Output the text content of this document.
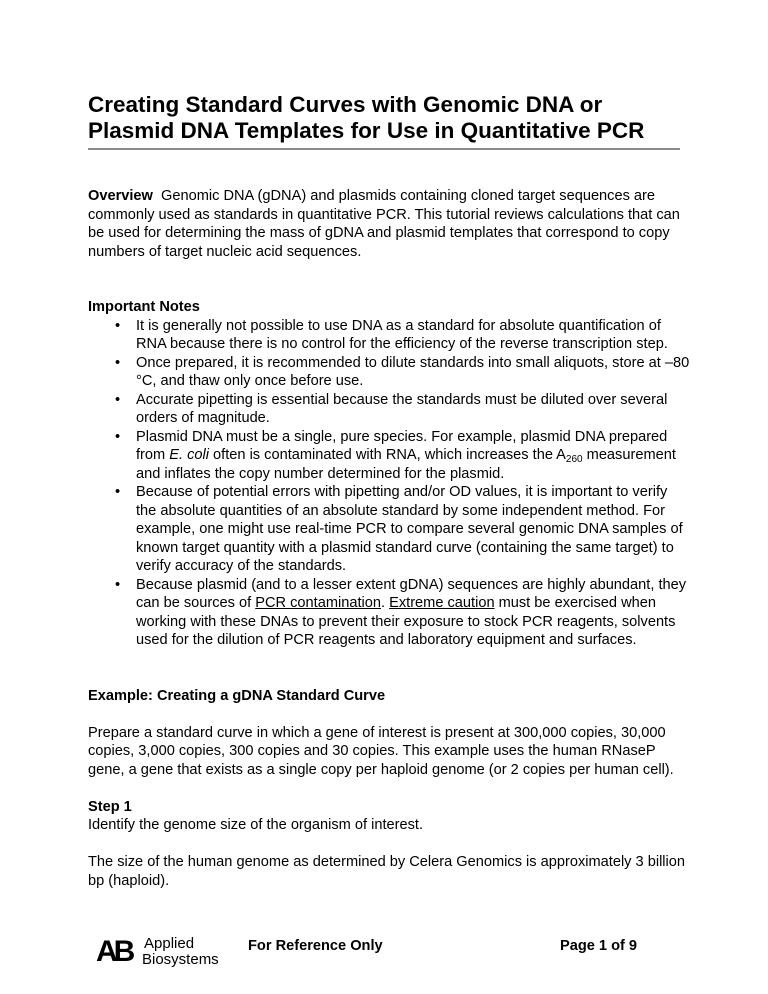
Creating Standard Curves with Genomic DNA or Plasmid DNA Templates for Use in Quantitative PCR

Overview Genomic DNA (gDNA) and plasmids containing cloned target sequences are commonly used as standards in quantitative PCR. This tutorial reviews calculations that can be used for determining the mass of gDNA and plasmid templates that correspond to copy numbers of target nucleic acid sequences.

Important Notes

• It is generally not possible to use DNA as a standard for absolute quantification of RNA because there is no control for the efficiency of the reverse transcription step.
• Once prepared, it is recommended to dilute standards into small aliquots, store at –80 °C, and thaw only once before use.
• Accurate pipetting is essential because the standards must be diluted over several orders of magnitude.
• Plasmid DNA must be a single, pure species. For example, plasmid DNA prepared from E. coli often is contaminated with RNA, which increases the $A_{260}$ measurement and inflates the copy number determined for the plasmid.
• Because of potential errors with pipetting and/or OD values, it is important to verify the absolute quantities of an absolute standard by some independent method. For example, one might use real-time PCR to compare several genomic DNA samples of known target quantity with a plasmid standard curve (containing the same target) to verify accuracy of the standards.
• Because plasmid (and to a lesser extent gDNA) sequences are highly abundant, they can be sources of PCR contamination. Extreme caution must be exercised when working with these DNAs to prevent their exposure to stock PCR reagents, solvents used for the dilution of PCR reagents and laboratory equipment and surfaces.

Example: Creating a gDNA Standard Curve

Prepare a standard curve in which a gene of interest is present at 300,000 copies, 30,000 copies, 3,000 copies, 300 copies and 30 copies. This example uses the human RNaseP gene, a gene that exists as a single copy per haploid genome (or 2 copies per human cell).

Step 1

Identify the genome size of the organism of interest.

The size of the human genome as determined by Celera Genomics is approximately 3 billion bp (haploid).

AB Applied
Biosystems
For Reference Only	Page 1 of 9
